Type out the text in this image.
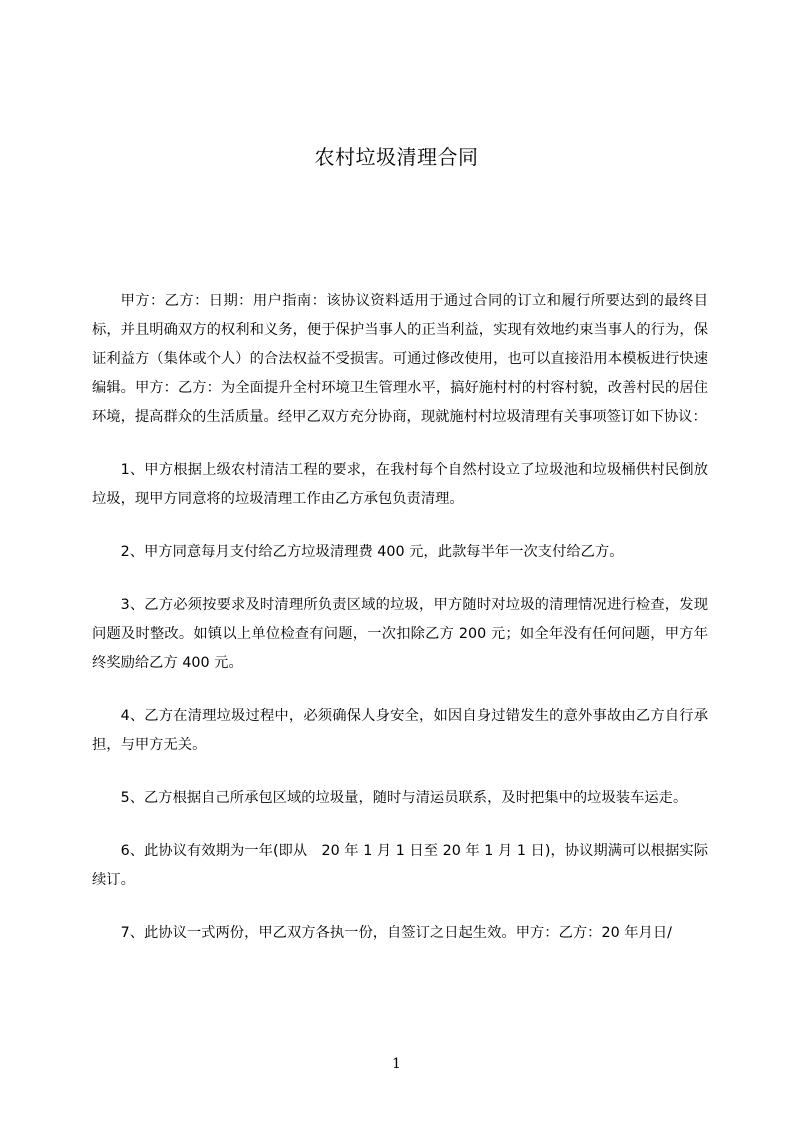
农村垃圾清理合同

甲方：乙方：日期：用户指南：该协议资料适用于通过合同的订立和履行所要达到的最终目标，并且明确双方的权利和义务，便于保护当事人的正当利益，实现有效地约束当事人的行为，保证利益方（集体或个人）的合法权益不受损害。可通过修改使用，也可以直接沿用本模板进行快速编辑。甲方：乙方：为全面提升全村环境卫生管理水平，搞好施村村的村容村貌，改善村民的居住环境，提高群众的生活质量。经甲乙双方充分协商，现就施村村垃圾清理有关事项签订如下协议：

1、甲方根据上级农村清洁工程的要求，在我村每个自然村设立了垃圾池和垃圾桶供村民倒放垃圾，现甲方同意将的垃圾清理工作由乙方承包负责清理。

2、甲方同意每月支付给乙方垃圾清理费 400 元，此款每半年一次支付给乙方。

3、乙方必须按要求及时清理所负责区域的垃圾，甲方随时对垃圾的清理情况进行检查，发现问题及时整改。如镇以上单位检查有问题，一次扣除乙方 200 元；如全年没有任何问题，甲方年终奖励给乙方 400 元。

4、乙方在清理垃圾过程中，必须确保人身安全，如因自身过错发生的意外事故由乙方自行承担，与甲方无关。

5、乙方根据自己所承包区域的垃圾量，随时与清运员联系，及时把集中的垃圾装车运走。

6、此协议有效期为一年(即从　20 年 1 月 1 日至 20 年 1 月 1 日)，协议期满可以根据实际续订。

7、此协议一式两份，甲乙双方各执一份，自签订之日起生效。甲方：乙方：20 年月日/

1
